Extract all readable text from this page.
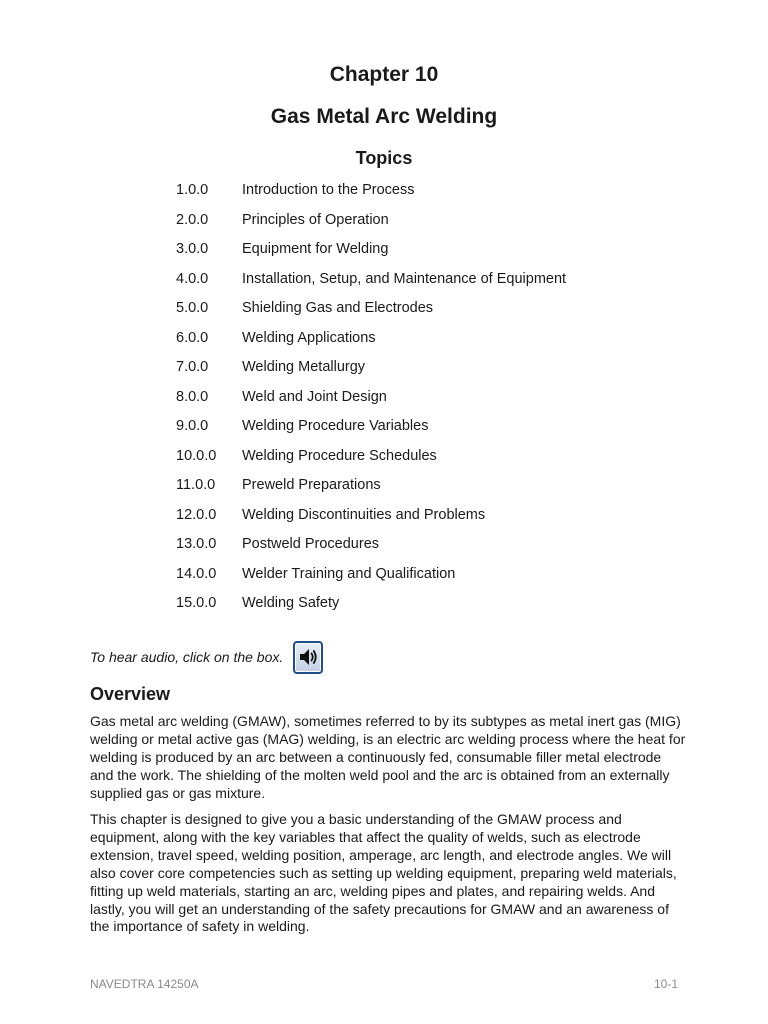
Chapter 10
Gas Metal Arc Welding
Topics
1.0.0	Introduction to the Process
2.0.0	Principles of Operation
3.0.0	Equipment for Welding
4.0.0	Installation, Setup, and Maintenance of Equipment
5.0.0	Shielding Gas and Electrodes
6.0.0	Welding Applications
7.0.0	Welding Metallurgy
8.0.0	Weld and Joint Design
9.0.0	Welding Procedure Variables
10.0.0	Welding Procedure Schedules
11.0.0	Preweld Preparations
12.0.0	Welding Discontinuities and Problems
13.0.0	Postweld Procedures
14.0.0	Welder Training and Qualification
15.0.0	Welding Safety
To hear audio, click on the box.
Overview

Gas metal arc welding (GMAW), sometimes referred to by its subtypes as metal inert gas (MIG) welding or metal active gas (MAG) welding, is an electric arc welding process where the heat for welding is produced by an arc between a continuously fed, consumable filler metal electrode and the work. The shielding of the molten weld pool and the arc is obtained from an externally supplied gas or gas mixture.

This chapter is designed to give you a basic understanding of the GMAW process and equipment, along with the key variables that affect the quality of welds, such as electrode extension, travel speed, welding position, amperage, arc length, and electrode angles. We will also cover core competencies such as setting up welding equipment, preparing weld materials, fitting up weld materials, starting an arc, welding pipes and plates, and repairing welds. And lastly, you will get an understanding of the safety precautions for GMAW and an awareness of the importance of safety in welding.

NAVEDTRA 14250A	10-1
